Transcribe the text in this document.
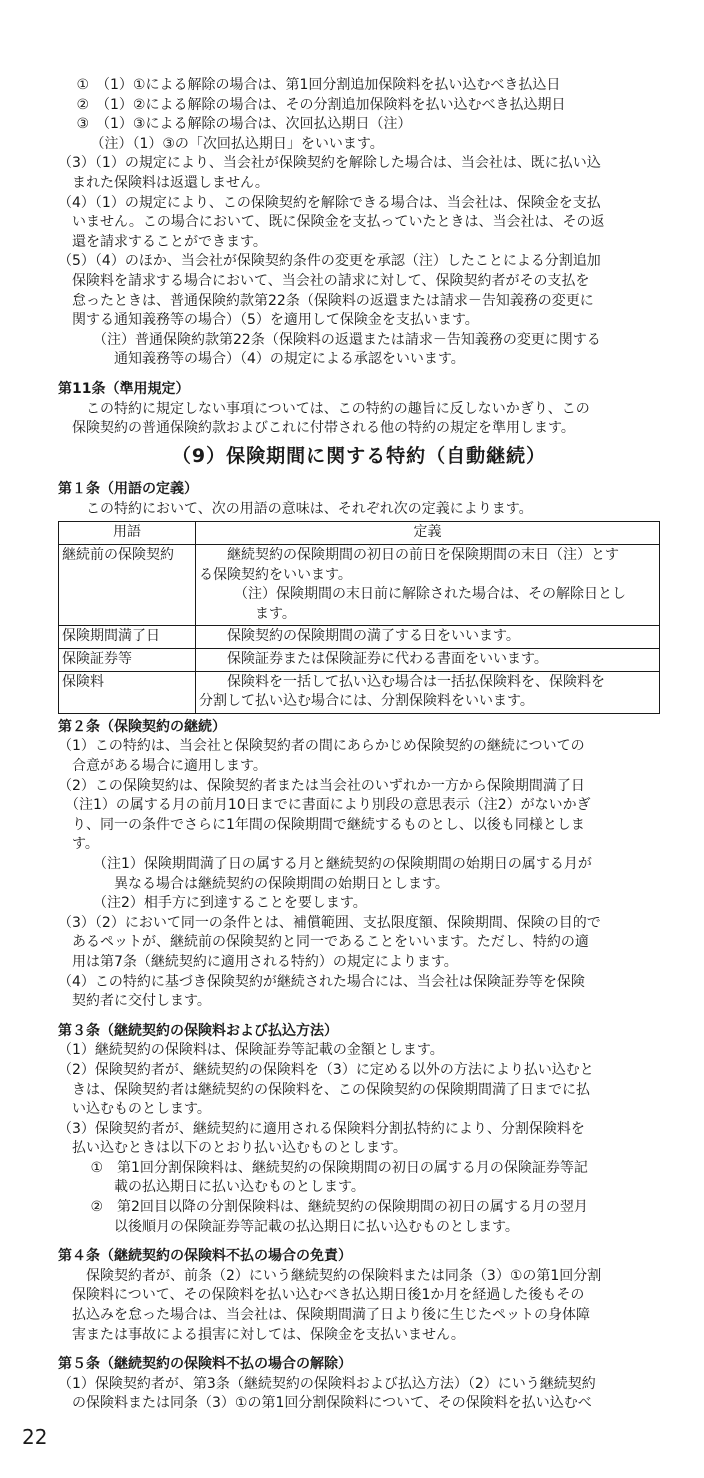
　 ①　（1）①による解除の場合は、第1回分割追加保険料を払い込むべき払込日
　 ②　（1）②による解除の場合は、その分割追加保険料を払い込むべき払込期日
　 ③　（1）③による解除の場合は、次回払込期日（注）
　　 （注）（1）③の「次回払込期日」をいいます。
（3）（1）の規定により、当会社が保険契約を解除した場合は、当会社は、既に払い込
　まれた保険料は返還しません。
（4）（1）の規定により、この保険契約を解除できる場合は、当会社は、保険金を支払
　いません。この場合において、既に保険金を支払っていたときは、当会社は、その返
　還を請求することができます。
（5）（4）のほか、当会社が保険契約条件の変更を承認（注）したことによる分割追加
　保険料を請求する場合において、当会社の請求に対して、保険契約者がその支払を
　怠ったときは、普通保険約款第22条（保険料の返還または請求－告知義務の変更に
　関する通知義務等の場合）（5）を適用して保険金を支払います。
　　　（注）普通保険約款第22条（保険料の返還または請求－告知義務の変更に関する
　　　　通知義務等の場合）（4）の規定による承認をいいます。
第11条（準用規定）
　　この特約に規定しない事項については、この特約の趣旨に反しないかぎり、この
　保険契約の普通保険約款およびこれに付帯される他の特約の規定を準用します。
（9）保険期間に関する特約（自動継続）
第１条（用語の定義）
　　この特約において、次の用語の意味は、それぞれ次の定義によります。
用語	定義
継続前の保険契約	　　継続契約の保険期間の初日の前日を保険期間の末日（注）とす
る保険契約をいいます。
　　　（注）保険期間の末日前に解除された場合は、その解除日とし
　　　　ます。
保険期間満了日	　　保険契約の保険期間の満了する日をいいます。
保険証券等	　　保険証券または保険証券に代わる書面をいいます。
保険料	　　保険料を一括して払い込む場合は一括払保険料を、保険料を
分割して払い込む場合には、分割保険料をいいます。
第２条（保険契約の継続）
（1）この特約は、当会社と保険契約者の間にあらかじめ保険契約の継続についての
　合意がある場合に適用します。
（2）この保険契約は、保険契約者または当会社のいずれか一方から保険期間満了日
　（注1）の属する月の前月10日までに書面により別段の意思表示（注2）がないかぎ
　り、同一の条件でさらに1年間の保険期間で継続するものとし、以後も同様としま
　す。
　　　（注1）保険期間満了日の属する月と継続契約の保険期間の始期日の属する月が
　　　　異なる場合は継続契約の保険期間の始期日とします。
　　　（注2）相手方に到達することを要します。
（3）（2）において同一の条件とは、補償範囲、支払限度額、保険期間、保険の目的で
　あるペットが、継続前の保険契約と同一であることをいいます。ただし、特約の適
　用は第7条（継続契約に適用される特約）の規定によります。
（4）この特約に基づき保険契約が継続された場合には、当会社は保険証券等を保険
　契約者に交付します。
第３条（継続契約の保険料および払込方法）
（1）継続契約の保険料は、保険証券等記載の金額とします。
（2）保険契約者が、継続契約の保険料を（3）に定める以外の方法により払い込むと
　きは、保険契約者は継続契約の保険料を、この保険契約の保険期間満了日までに払
　い込むものとします。
（3）保険契約者が、継続契約に適用される保険料分割払特約により、分割保険料を
　払い込むときは以下のとおり払い込むものとします。
　　 ①　第1回分割保険料は、継続契約の保険期間の初日の属する月の保険証券等記
　　　　載の払込期日に払い込むものとします。
　　 ②　第2回目以降の分割保険料は、継続契約の保険期間の初日の属する月の翌月
　　　　以後順月の保険証券等記載の払込期日に払い込むものとします。
第４条（継続契約の保険料不払の場合の免責）
　　保険契約者が、前条（2）にいう継続契約の保険料または同条（3）①の第1回分割
　保険料について、その保険料を払い込むべき払込期日後1か月を経過した後もその
　払込みを怠った場合は、当会社は、保険期間満了日より後に生じたペットの身体障
　害または事故による損害に対しては、保険金を支払いません。
第５条（継続契約の保険料不払の場合の解除）
（1）保険契約者が、第3条（継続契約の保険料および払込方法）（2）にいう継続契約
　の保険料または同条（3）①の第1回分割保険料について、その保険料を払い込むべ
22
